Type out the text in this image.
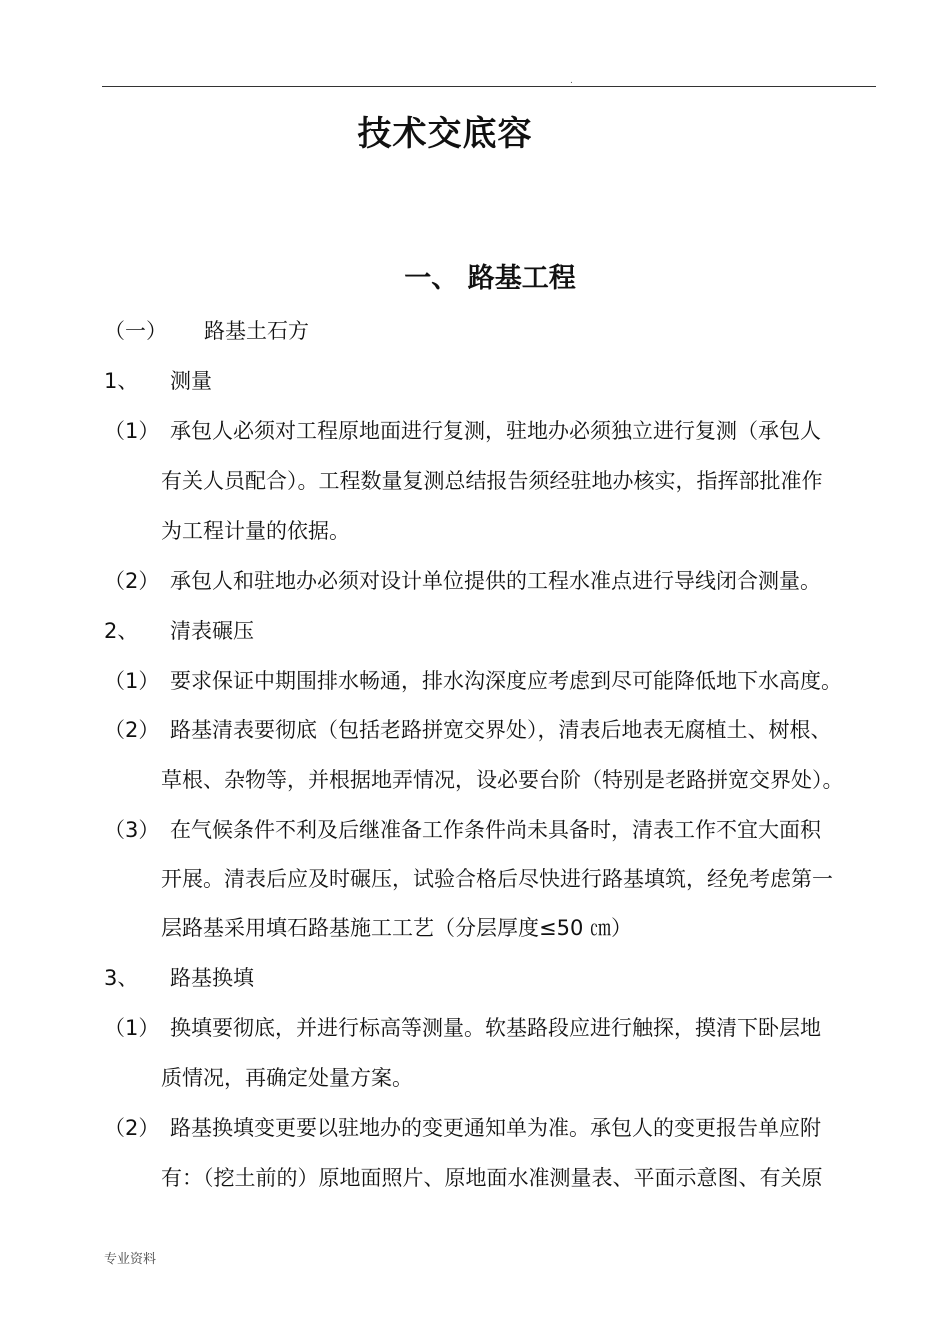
.
技术交底容
一、 路基工程
（一） 路基土石方
1、 测量
（1） 承包人必须对工程原地面进行复测，驻地办必须独立进行复测（承包人
有关人员配合）。工程数量复测总结报告须经驻地办核实，指挥部批准作
为工程计量的依据。
（2） 承包人和驻地办必须对设计单位提供的工程水准点进行导线闭合测量。
2、 清表碾压
（1） 要求保证中期围排水畅通，排水沟深度应考虑到尽可能降低地下水高度。
（2） 路基清表要彻底（包括老路拼宽交界处），清表后地表无腐植土、树根、
草根、杂物等，并根据地弄情况，设必要台阶（特别是老路拼宽交界处）。
（3） 在气候条件不利及后继准备工作条件尚未具备时，清表工作不宜大面积
开展。清表后应及时碾压，试验合格后尽快进行路基填筑，经免考虑第一
层路基采用填石路基施工工艺（分层厚度≤50 ㎝）
3、 路基换填
（1） 换填要彻底，并进行标高等测量。软基路段应进行触探，摸清下卧层地
质情况，再确定处量方案。
（2） 路基换填变更要以驻地办的变更通知单为准。承包人的变更报告单应附
有：（挖土前的）原地面照片、原地面水准测量表、平面示意图、有关原
专业资料
